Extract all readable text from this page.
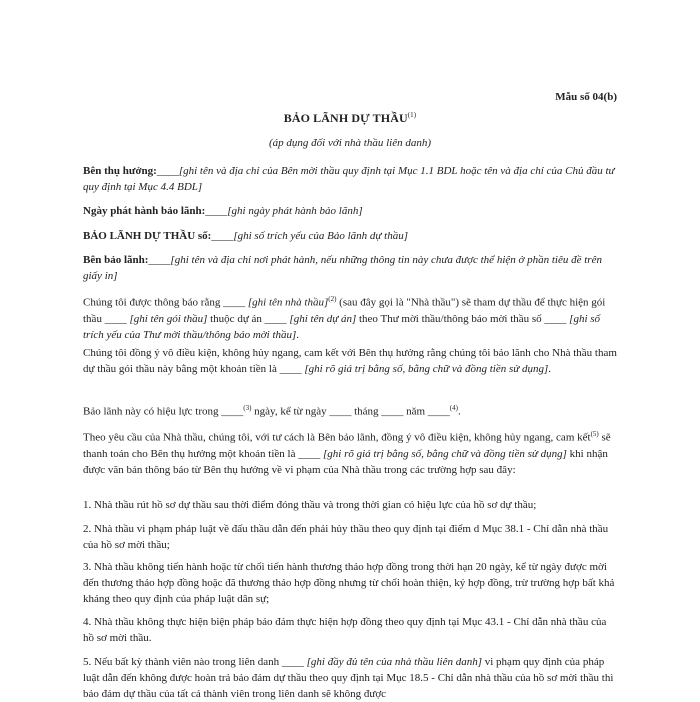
Mẫu số 04(b)
BẢO LÃNH DỰ THẦU$^{(1)}$
(áp dụng đối với nhà thầu liên danh)
Bên thụ hưởng:____[ghi tên và địa chỉ của Bên mời thầu quy định tại Mục 1.1 BDL hoặc tên và địa chỉ của Chủ đầu tư quy định tại Mục 4.4 BDL]
Ngày phát hành bảo lãnh:____[ghi ngày phát hành bảo lãnh]
BẢO LÃNH DỰ THẦU số:____[ghi số trích yếu của Bảo lãnh dự thầu]
Bên bảo lãnh:____[ghi tên và địa chỉ nơi phát hành, nếu những thông tin này chưa được thể hiện ở phần tiêu đề trên giấy in]
Chúng tôi được thông báo rằng ____ [ghi tên nhà thầu]$^{(2)}$ (sau đây gọi là "Nhà thầu") sẽ tham dự thầu để thực hiện gói thầu ____ [ghi tên gói thầu] thuộc dự án ____ [ghi tên dự án] theo Thư mời thầu/thông báo mời thầu số ____ [ghi số trích yếu của Thư mời thầu/thông báo mời thầu].
Chúng tôi đồng ý vô điều kiện, không hủy ngang, cam kết với Bên thụ hưởng rằng chúng tôi bảo lãnh cho Nhà thầu tham dự thầu gói thầu này bằng một khoản tiền là ____ [ghi rõ giá trị bằng số, bằng chữ và đồng tiền sử dụng].
Bảo lãnh này có hiệu lực trong ____$^{(3)}$ ngày, kể từ ngày ____ tháng ____ năm ____$^{(4)}$.
Theo yêu cầu của Nhà thầu, chúng tôi, với tư cách là Bên bảo lãnh, đồng ý vô điều kiện, không hủy ngang, cam kết$^{(5)}$ sẽ thanh toán cho Bên thụ hưởng một khoản tiền là ____ [ghi rõ giá trị bằng số, bằng chữ và đồng tiền sử dụng] khi nhận được văn bản thông báo từ Bên thụ hưởng về vi phạm của Nhà thầu trong các trường hợp sau đây:
1. Nhà thầu rút hồ sơ dự thầu sau thời điểm đóng thầu và trong thời gian có hiệu lực của hồ sơ dự thầu;
2. Nhà thầu vi phạm pháp luật về đấu thầu dẫn đến phải hủy thầu theo quy định tại điểm d Mục 38.1 - Chỉ dẫn nhà thầu của hồ sơ mời thầu;
3. Nhà thầu không tiến hành hoặc từ chối tiến hành thương thảo hợp đồng trong thời hạn 20 ngày, kể từ ngày được mời đến thương thảo hợp đồng hoặc đã thương thảo hợp đồng nhưng từ chối hoàn thiện, ký hợp đồng, trừ trường hợp bất khả kháng theo quy định của pháp luật dân sự;
4. Nhà thầu không thực hiện biện pháp bảo đảm thực hiện hợp đồng theo quy định tại Mục 43.1 - Chỉ dẫn nhà thầu của hồ sơ mời thầu.
5. Nếu bất kỳ thành viên nào trong liên danh ____ [ghi đầy đủ tên của nhà thầu liên danh] vi phạm quy định của pháp luật dẫn đến không được hoàn trả bảo đảm dự thầu theo quy định tại Mục 18.5 - Chỉ dẫn nhà thầu của hồ sơ mời thầu thì bảo đảm dự thầu của tất cả thành viên trong liên danh sẽ không được
